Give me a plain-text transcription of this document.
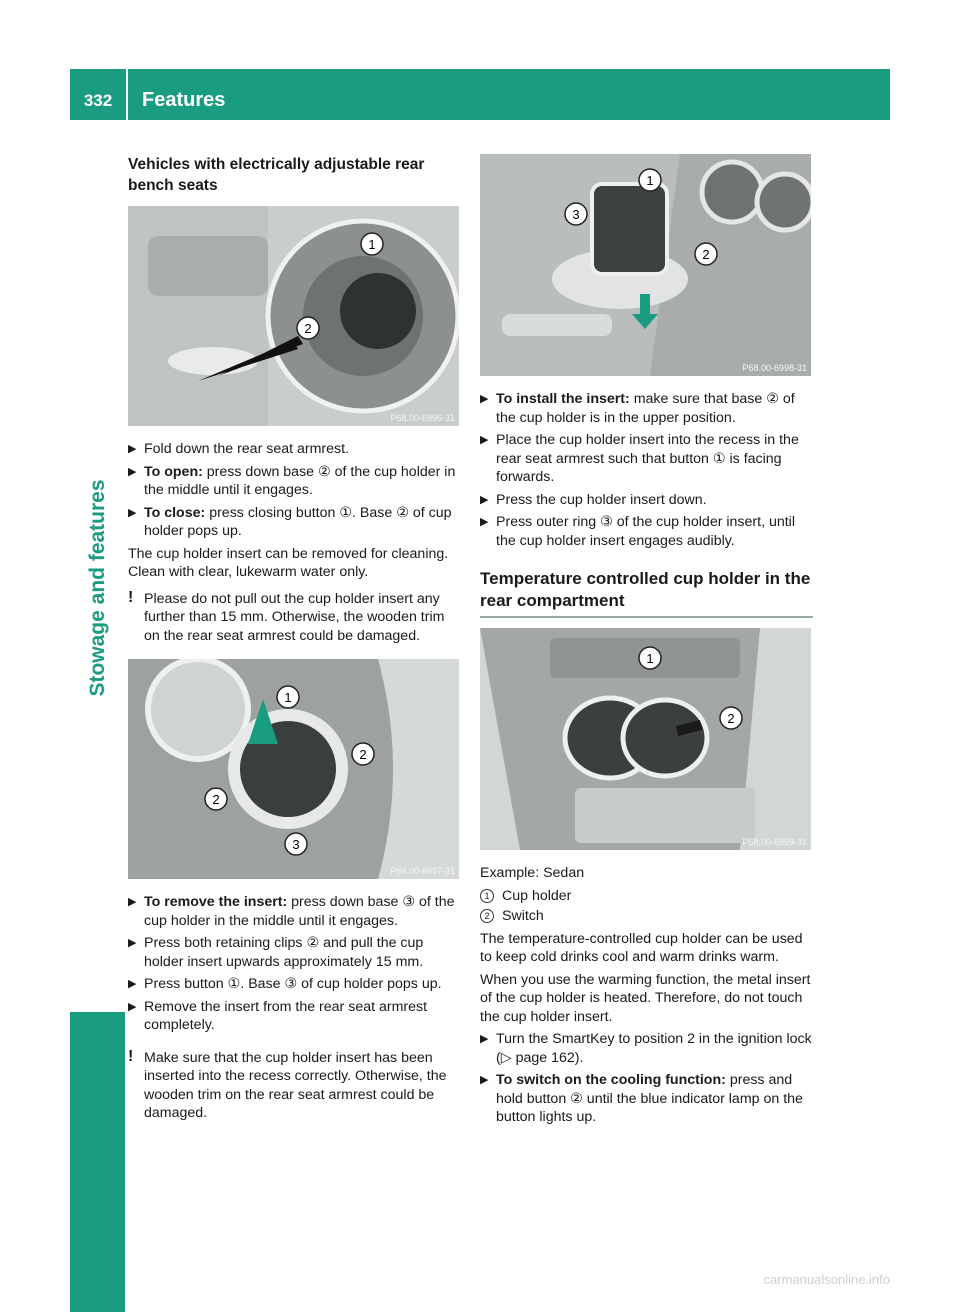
332	Features
Stowage and features
Vehicles with electrically adjustable rear bench seats
1
2
P68.00-6996-31
▶ Fold down the rear seat armrest.
▶ To open: press down base ② of the cup holder in the middle until it engages.
▶ To close: press closing button ①. Base ② of cup holder pops up.

The cup holder insert can be removed for cleaning. Clean with clear, lukewarm water only.

! Please do not pull out the cup holder insert any further than 15 mm. Otherwise, the wooden trim on the rear seat armrest could be damaged.
1
2
2
3
P68.00-6997-31
▶ To remove the insert: press down base ③ of the cup holder in the middle until it engages.
▶ Press both retaining clips ② and pull the cup holder insert upwards approximately 15 mm.
▶ Press button ①. Base ③ of cup holder pops up.
▶ Remove the insert from the rear seat armrest completely.
! Make sure that the cup holder insert has been inserted into the recess correctly. Otherwise, the wooden trim on the rear seat armrest could be damaged.
1
3
2
P68.00-6998-31
▶ To install the insert: make sure that base ② of the cup holder is in the upper position.
▶ Place the cup holder insert into the recess in the rear seat armrest such that button ① is facing forwards.
▶ Press the cup holder insert down.
▶ Press outer ring ③ of the cup holder insert, until the cup holder insert engages audibly.
Temperature controlled cup holder in the rear compartment
1
2
P68.00-6999-31

Example: Sedan

1 Cup holder
2 Switch

The temperature-controlled cup holder can be used to keep cold drinks cool and warm drinks warm.

When you use the warming function, the metal insert of the cup holder is heated. Therefore, do not touch the cup holder insert.

▶ Turn the SmartKey to position 2 in the ignition lock (▷ page 162).
▶ To switch on the cooling function: press and hold button ② until the blue indicator lamp on the button lights up.
carmanualsonline.info
